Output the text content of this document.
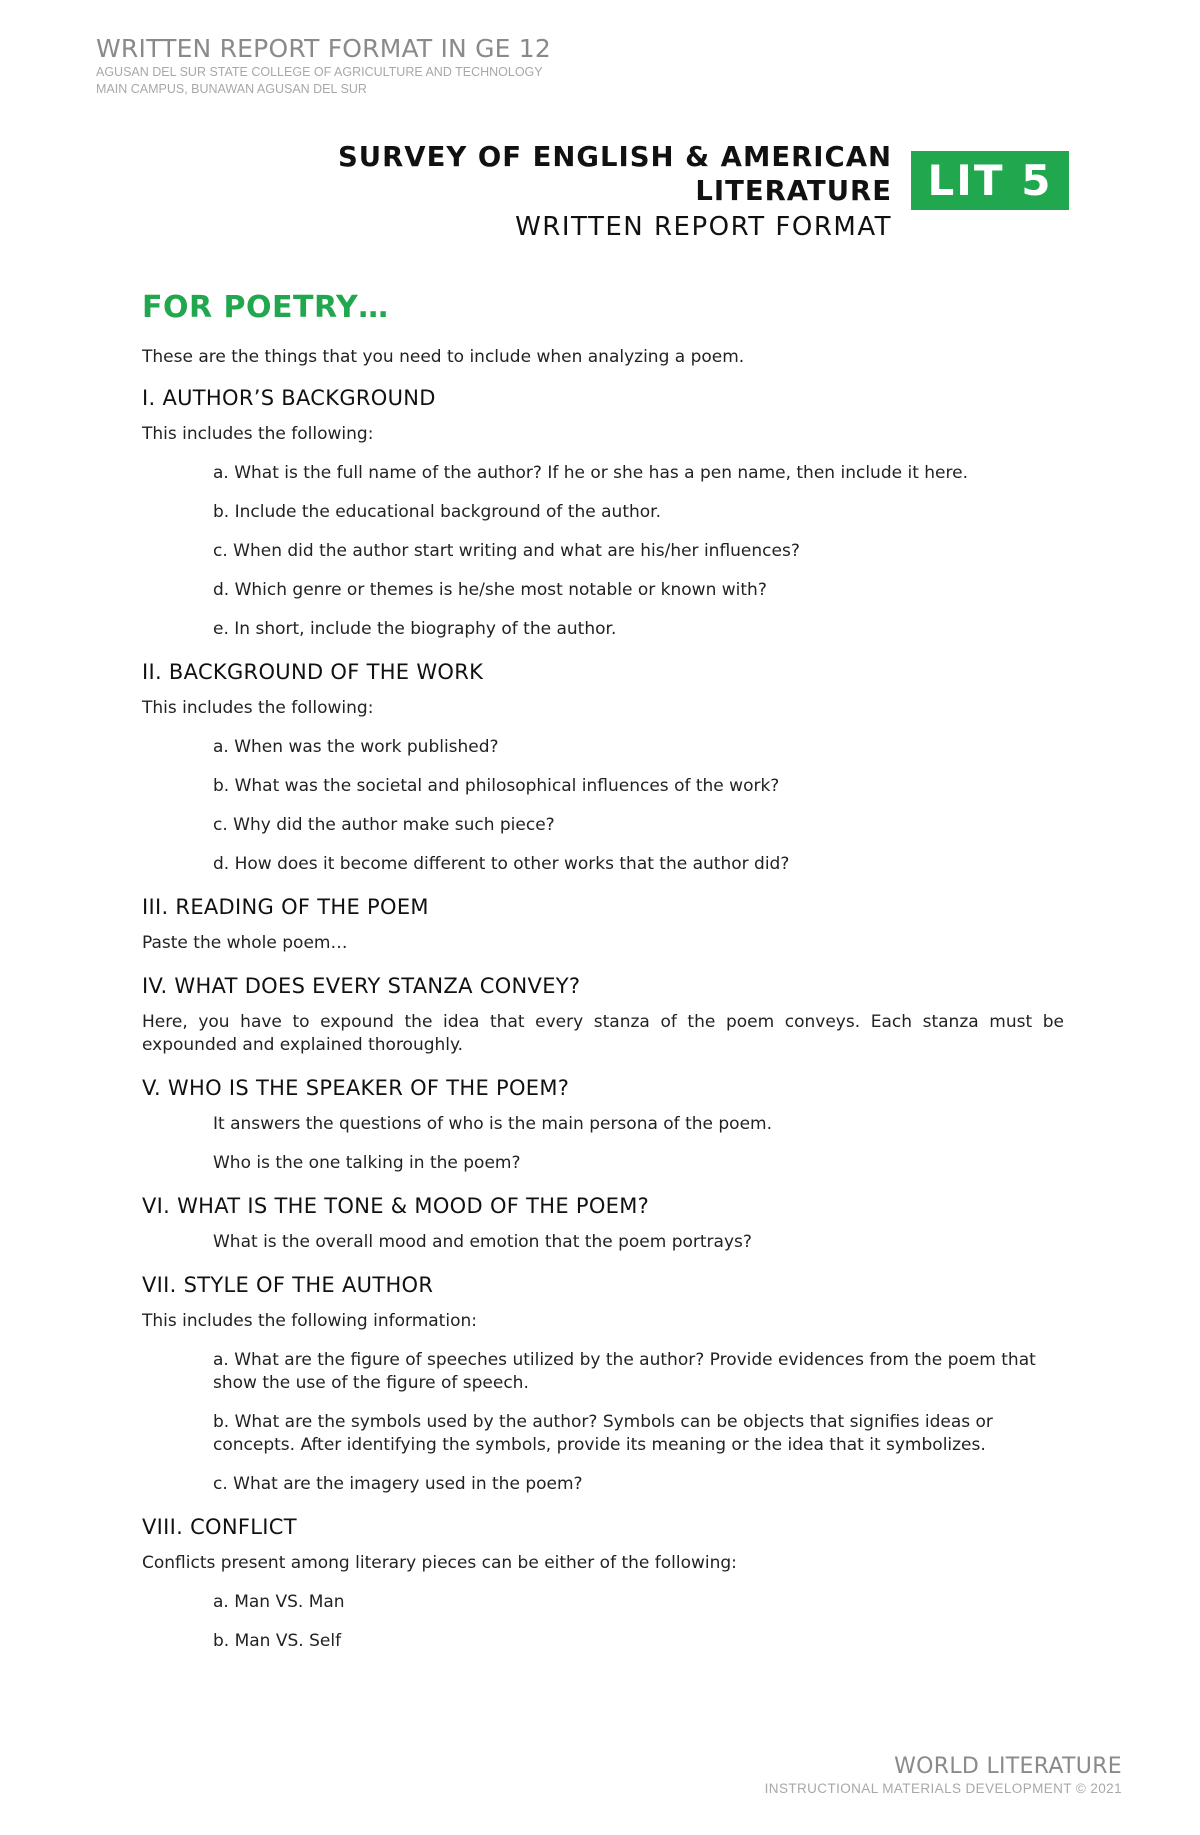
WRITTEN REPORT FORMAT IN GE 12
AGUSAN DEL SUR STATE COLLEGE OF AGRICULTURE AND TECHNOLOGY
MAIN CAMPUS, BUNAWAN AGUSAN DEL SUR
SURVEY OF ENGLISH & AMERICAN LITERATURE
WRITTEN REPORT FORMAT
LIT 5
FOR POETRY…
These are the things that you need to include when analyzing a poem.
I. AUTHOR’S BACKGROUND
This includes the following:
a. What is the full name of the author? If he or she has a pen name, then include it here.
b. Include the educational background of the author.
c. When did the author start writing and what are his/her influences?
d. Which genre or themes is he/she most notable or known with?
e. In short, include the biography of the author.
II. BACKGROUND OF THE WORK
This includes the following:
a. When was the work published?
b. What was the societal and philosophical influences of the work?
c. Why did the author make such piece?
d. How does it become different to other works that the author did?
III. READING OF THE POEM
Paste the whole poem…
IV. WHAT DOES EVERY STANZA CONVEY?
Here, you have to expound the idea that every stanza of the poem conveys. Each stanza must be expounded and explained thoroughly.
V. WHO IS THE SPEAKER OF THE POEM?
It answers the questions of who is the main persona of the poem.
Who is the one talking in the poem?
VI. WHAT IS THE TONE & MOOD OF THE POEM?
What is the overall mood and emotion that the poem portrays?
VII. STYLE OF THE AUTHOR
This includes the following information:
a. What are the figure of speeches utilized by the author? Provide evidences from the poem that show the use of the figure of speech.
b. What are the symbols used by the author? Symbols can be objects that signifies ideas or concepts. After identifying the symbols, provide its meaning or the idea that it symbolizes.
c. What are the imagery used in the poem?
VIII. CONFLICT
Conflicts present among literary pieces can be either of the following:
a. Man VS. Man
b. Man VS. Self
WORLD LITERATURE
INSTRUCTIONAL MATERIALS DEVELOPMENT © 2021
